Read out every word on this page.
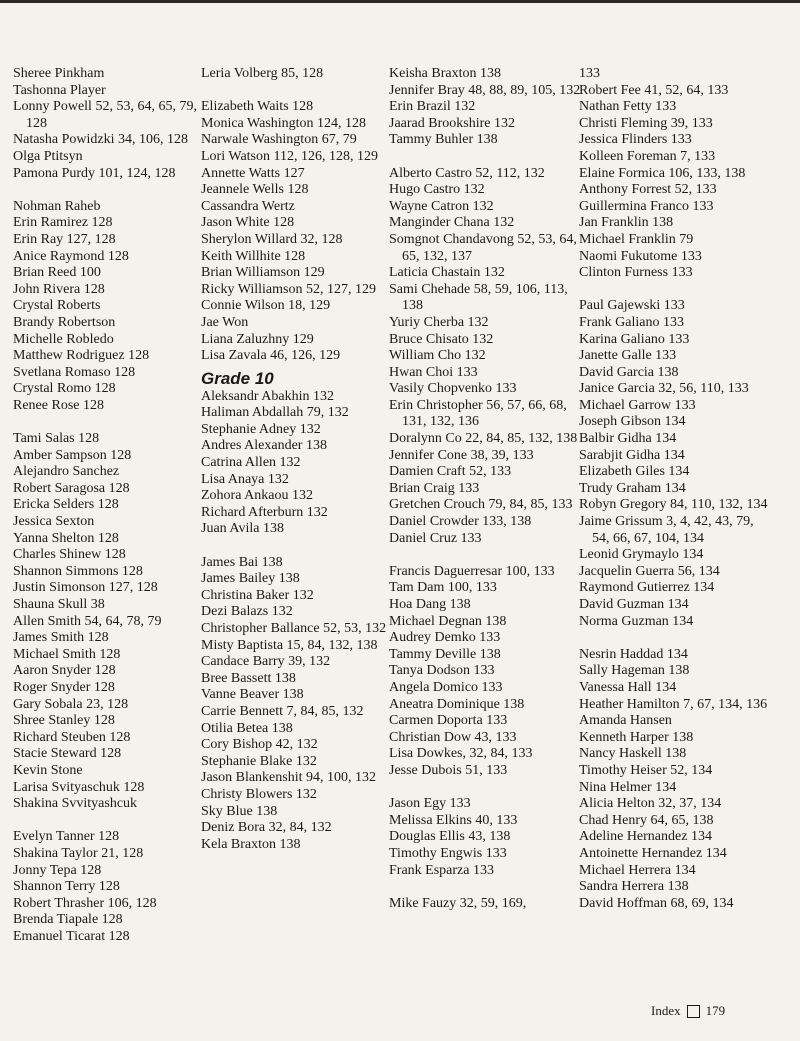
Sheree Pinkham
Tashonna Player
Lonny Powell 52, 53, 64, 65, 79, 128
Natasha Powidzki 34, 106, 128
Olga Ptitsyn
Pamona Purdy 101, 124, 128
Nohman Raheb
Erin Ramirez 128
Erin Ray 127, 128
Anice Raymond 128
Brian Reed 100
John Rivera 128
Crystal Roberts
Brandy Robertson
Michelle Robledo
Matthew Rodriguez 128
Svetlana Romaso 128
Crystal Romo 128
Renee Rose 128
Tami Salas 128
Amber Sampson 128
Alejandro Sanchez
Robert Saragosa 128
Ericka Selders 128
Jessica Sexton
Yanna Shelton 128
Charles Shinew 128
Shannon Simmons 128
Justin Simonson 127, 128
Shauna Skull 38
Allen Smith 54, 64, 78, 79
James Smith 128
Michael Smith 128
Aaron Snyder 128
Roger Snyder 128
Gary Sobala 23, 128
Shree Stanley 128
Richard Steuben 128
Stacie Steward 128
Kevin Stone
Larisa Svityaschuk 128
Shakina Svvityashcuk
Evelyn Tanner 128
Shakina Taylor 21, 128
Jonny Tepa 128
Shannon Terry 128
Robert Thrasher 106, 128
Brenda Tiapale 128
Emanuel Ticarat 128
Leria Volberg 85, 128
Elizabeth Waits 128
Monica Washington 124, 128
Narwale Washington 67, 79
Lori Watson 112, 126, 128, 129
Annette Watts 127
Jeannele Wells 128
Cassandra Wertz
Jason White 128
Sherylon Willard 32, 128
Keith Willhite 128
Brian Williamson 129
Ricky Williamson 52, 127, 129
Connie Wilson 18, 129
Jae Won
Liana Zaluzhny 129
Lisa Zavala 46, 126, 129
Grade 10
Aleksandr Abakhin 132
Haliman Abdallah 79, 132
Stephanie Adney 132
Andres Alexander 138
Catrina Allen 132
Lisa Anaya 132
Zohora Ankaou 132
Richard Afterburn 132
Juan Avila 138
James Bai 138
James Bailey 138
Christina Baker 132
Dezi Balazs 132
Christopher Ballance 52, 53, 132
Misty Baptista 15, 84, 132, 138
Candace Barry 39, 132
Bree Bassett 138
Vanne Beaver 138
Carrie Bennett 7, 84, 85, 132
Otilia Betea 138
Cory Bishop 42, 132
Stephanie Blake 132
Jason Blankenshit 94, 100, 132
Christy Blowers 132
Sky Blue 138
Deniz Bora 32, 84, 132
Kela Braxton 138
Keisha Braxton 138
Jennifer Bray 48, 88, 89, 105, 132
Erin Brazil 132
Jaarad Brookshire 132
Tammy Buhler 138
Alberto Castro 52, 112, 132
Hugo Castro 132
Wayne Catron 132
Manginder Chana 132
Somgnot Chandavong 52, 53, 64, 65, 132, 137
Laticia Chastain 132
Sami Chehade 58, 59, 106, 113, 138
Yuriy Cherba 132
Bruce Chisato 132
William Cho 132
Hwan Choi 133
Vasily Chopvenko 133
Erin Christopher 56, 57, 66, 68, 131, 132, 136
Doralynn Co 22, 84, 85, 132, 138
Jennifer Cone 38, 39, 133
Damien Craft 52, 133
Brian Craig 133
Gretchen Crouch 79, 84, 85, 133
Daniel Crowder 133, 138
Daniel Cruz 133
Francis Daguerresar 100, 133
Tam Dam 100, 133
Hoa Dang 138
Michael Degnan 138
Audrey Demko 133
Tammy Deville 138
Tanya Dodson 133
Angela Domico 133
Aneatra Dominique 138
Carmen Doporta 133
Christian Dow 43, 133
Lisa Dowkes, 32, 84, 133
Jesse Dubois 51, 133
Jason Egy 133
Melissa Elkins 40, 133
Douglas Ellis 43, 138
Timothy Engwis 133
Frank Esparza 133
Mike Fauzy 32, 59, 169,
133
Robert Fee 41, 52, 64, 133
Nathan Fetty 133
Christi Fleming 39, 133
Jessica Flinders 133
Kolleen Foreman 7, 133
Elaine Formica 106, 133, 138
Anthony Forrest 52, 133
Guillermina Franco 133
Jan Franklin 138
Michael Franklin 79
Naomi Fukutome 133
Clinton Furness 133
Paul Gajewski 133
Frank Galiano 133
Karina Galiano 133
Janette Galle 133
David Garcia 138
Janice Garcia 32, 56, 110, 133
Michael Garrow 133
Joseph Gibson 134
Balbir Gidha 134
Sarabjit Gidha 134
Elizabeth Giles 134
Trudy Graham 134
Robyn Gregory 84, 110, 132, 134
Jaime Grissum 3, 4, 42, 43, 79, 54, 66, 67, 104, 134
Leonid Grymaylo 134
Jacquelin Guerra 56, 134
Raymond Gutierrez 134
David Guzman 134
Norma Guzman 134
Nesrin Haddad 134
Sally Hageman 138
Vanessa Hall 134
Heather Hamilton 7, 67, 134, 136
Amanda Hansen
Kenneth Harper 138
Nancy Haskell 138
Timothy Heiser 52, 134
Nina Helmer 134
Alicia Helton 32, 37, 134
Chad Henry 64, 65, 138
Adeline Hernandez 134
Antoinette Hernandez 134
Michael Herrera 134
Sandra Herrera 138
David Hoffman 68, 69, 134
Index 179
